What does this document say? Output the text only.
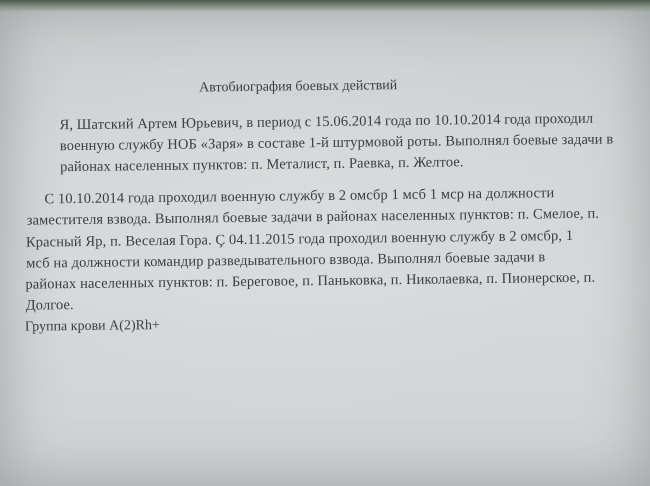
Автобиография боевых действий
Я, Шатский Артем Юрьевич, в период с 15.06.2014 года по 10.10.2014 года проходил
военную службу НОБ «Заря» в составе 1-й штурмовой роты. Выполнял боевые задачи в
районах населенных пунктов: п. Металист, п. Раевка, п. Желтое.
С 10.10.2014 года проходил военную службу в 2 омсбр 1 мсб 1 мср на должности
заместителя взвода. Выполнял боевые задачи в районах населенных пунктов: п. Смелое, п.
Красный Яр, п. Веселая Гора. Ç 04.11.2015 года проходил военную службу в 2 омсбр, 1
мсб на должности командир разведывательного взвода. Выполнял боевые задачи в
районах населенных пунктов: п. Береговое, п. Паньковка, п. Николаевка, п. Пионерское, п.
Долгое.
Группа крови A(2)Rh+
